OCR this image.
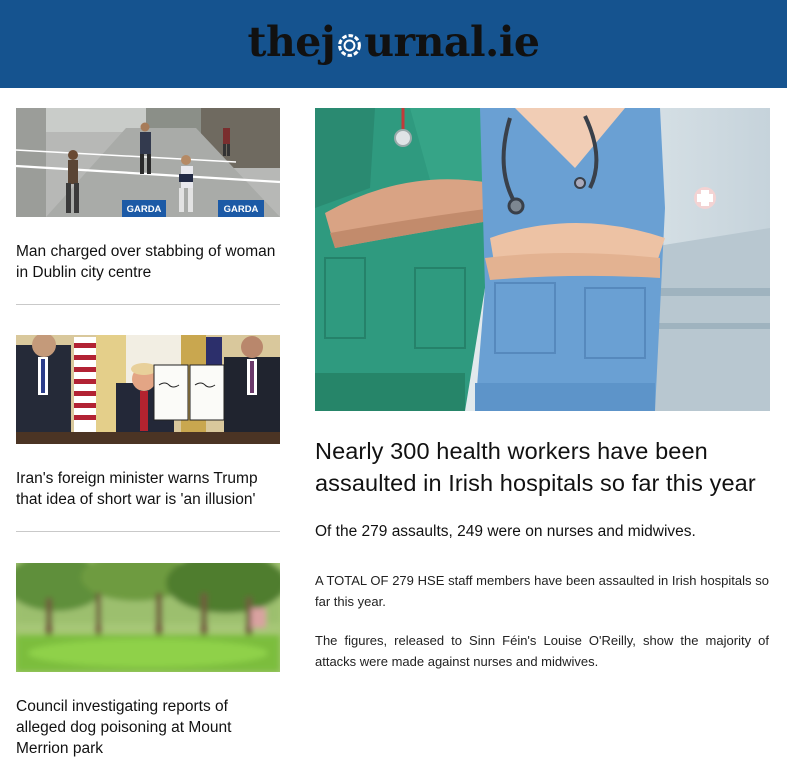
the j urnal.ie
GARDA	GARDA
Man charged over stabbing of woman in Dublin city centre
Iran's foreign minister warns Trump that idea of short war is 'an illusion'
Council investigating reports of alleged dog poisoning at Mount Merrion park
Nearly 300 health workers have been assaulted in Irish hospitals so far this year
Of the 279 assaults, 249 were on nurses and midwives.

A TOTAL OF 279 HSE staff members have been assaulted in Irish hospitals so far this year.

The figures, released to Sinn Féin's Louise O'Reilly, show the majority of attacks were made against nurses and midwives.
